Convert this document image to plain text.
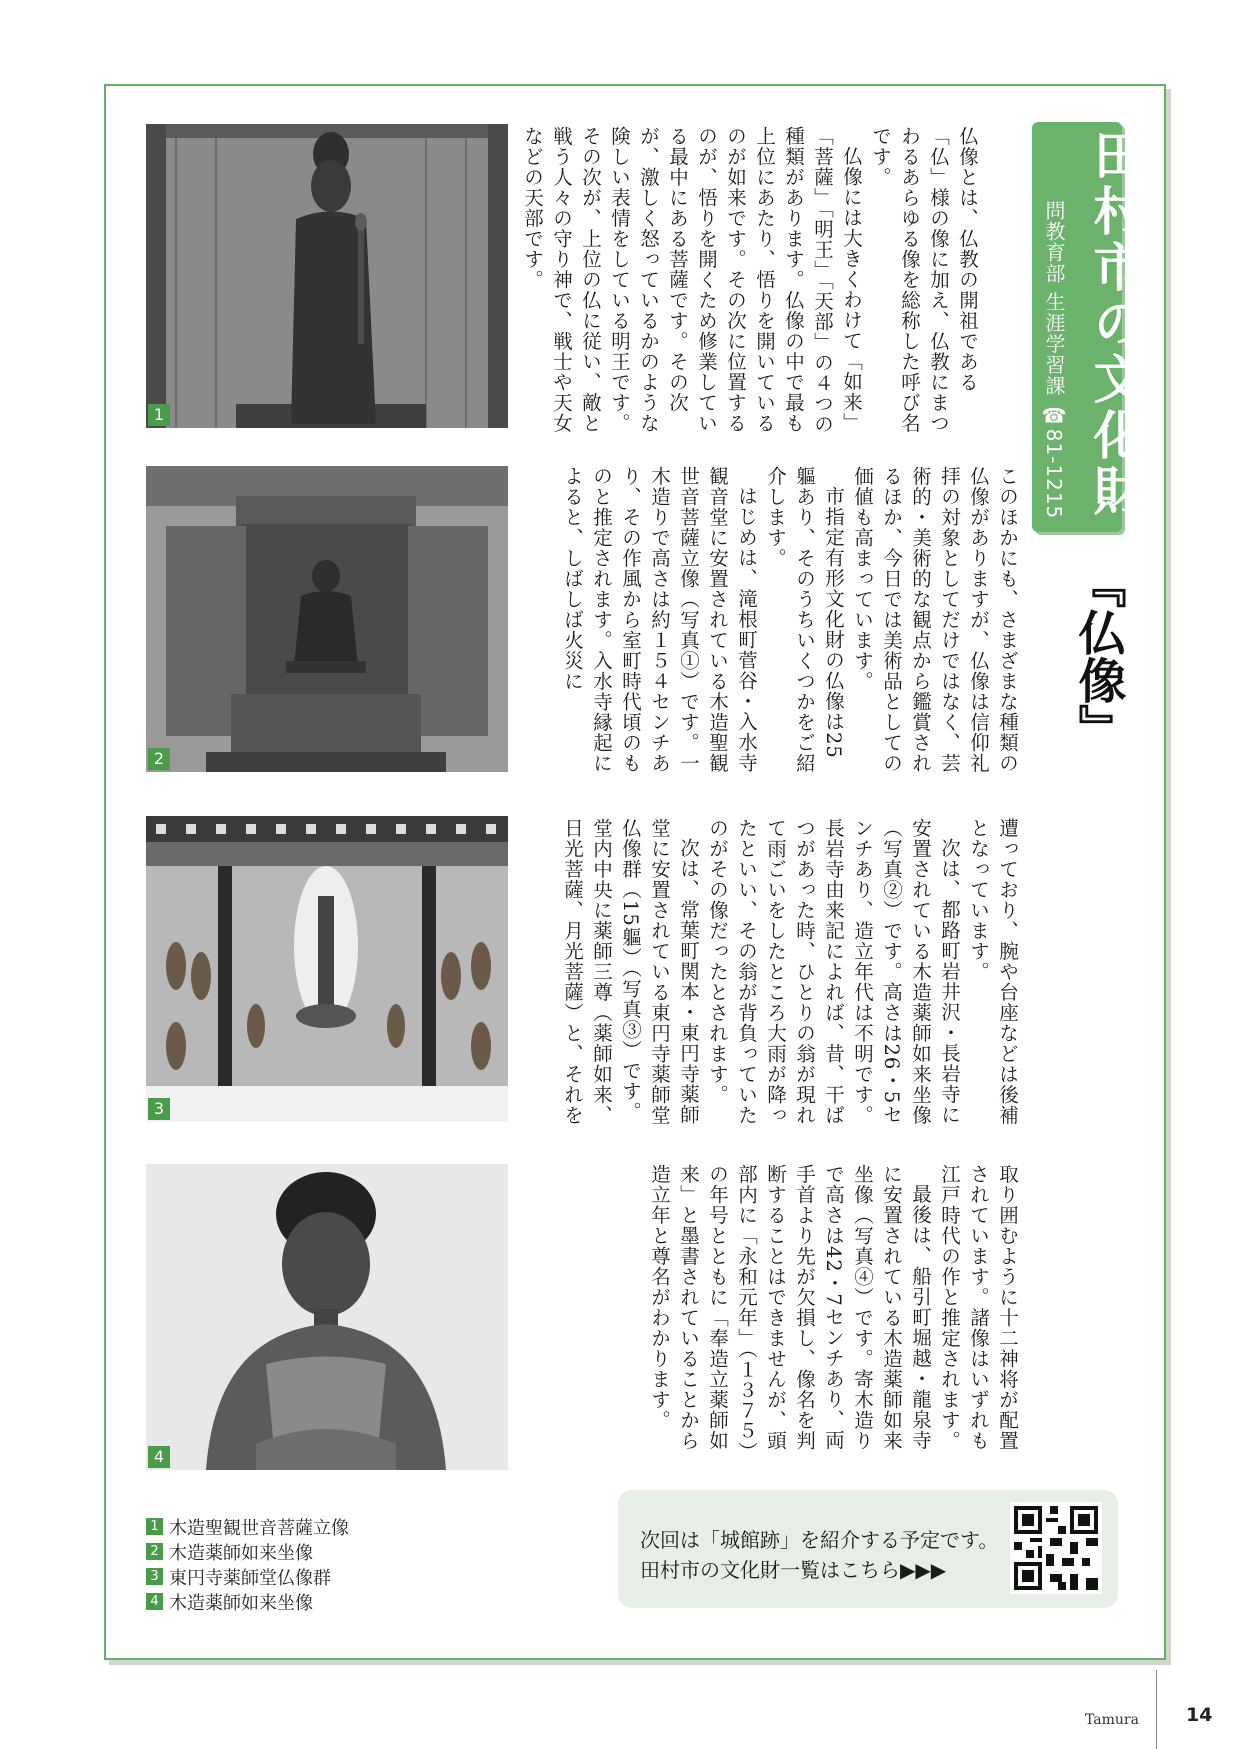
田村市の文化財
問教育部 生涯学習課 ☎81-1215
『仏像』
1
2
3
4

仏像とは、仏教の開祖である「仏」様の像に加え、仏教にまつわるあらゆる像を総称した呼び名です。

仏像には大きくわけて「如来」「菩薩」「明王」「天部」の４つの種類があります。仏像の中で最も上位にあたり、悟りを開いているのが如来です。その次に位置するのが、悟りを開くため修業している最中にある菩薩です。その次が、激しく怒っているかのような険しい表情をしている明王です。その次が、上位の仏に従い、敵と戦う人々の守り神で、戦士や天女などの天部です。

このほかにも、さまざまな種類の仏像がありますが、仏像は信仰礼拝の対象としてだけではなく、芸術的・美術的な観点から鑑賞されるほか、今日では美術品としての価値も高まっています。

市指定有形文化財の仏像は25軀あり、そのうちいくつかをご紹介します。

はじめは、滝根町菅谷・入水寺観音堂に安置されている木造聖観世音菩薩立像（写真①）です。一木造りで高さは約１５４センチあり、その作風から室町時代頃のものと推定されます。入水寺縁起によると、しばしば火災に

遭っており、腕や台座などは後補となっています。

次は、都路町岩井沢・長岩寺に安置されている木造薬師如来坐像（写真②）です。高さは26・5センチあり、造立年代は不明です。長岩寺由来記によれば、昔、干ばつがあった時、ひとりの翁が現れて雨ごいをしたところ大雨が降ったといい、その翁が背負っていたのがその像だったとされます。

次は、常葉町関本・東円寺薬師堂に安置されている東円寺薬師堂仏像群（15軀）（写真③）です。堂内中央に薬師三尊（薬師如来、日光菩薩、月光菩薩）と、それを

取り囲むように十二神将が配置されています。諸像はいずれも江戸時代の作と推定されます。

最後は、船引町堀越・龍泉寺に安置されている木造薬師如来坐像（写真④）です。寄木造りで高さは42・7センチあり、両手首より先が欠損し、像名を判断することはできませんが、頭部内に「永和元年」（１３７５）の年号とともに「奉造立薬師如来」と墨書されていることから造立年と尊名がわかります。

1 木造聖観世音菩薩立像
2 木造薬師如来坐像
3 東円寺薬師堂仏像群
4 木造薬師如来坐像
次回は「城館跡」を紹介する予定です。
田村市の文化財一覧はこちら▶▶▶
Tamura 14
